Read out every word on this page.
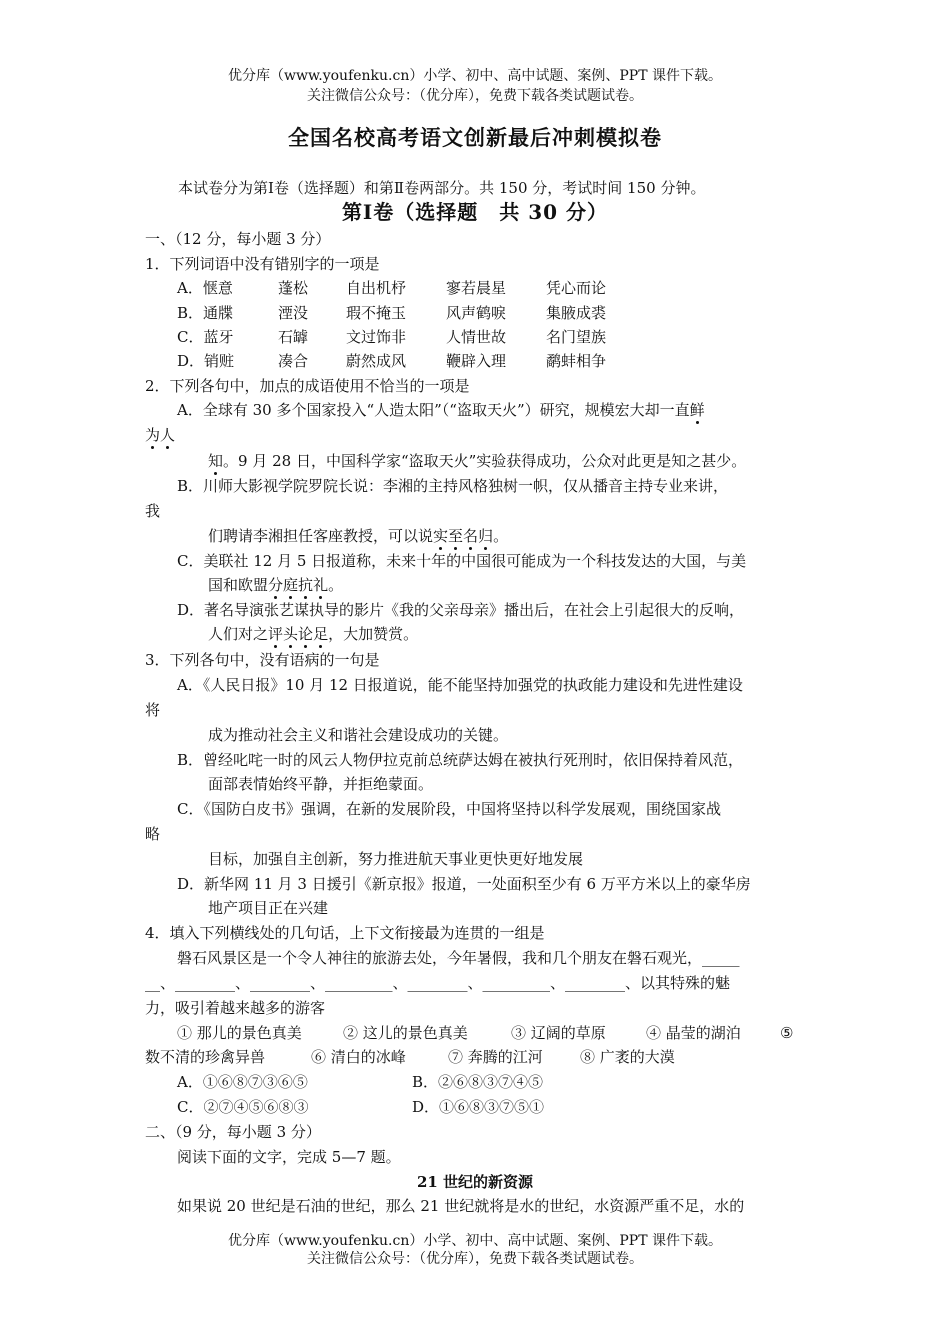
优分库（www.youfenku.cn）小学、初中、高中试题、案例、PPT 课件下载。
关注微信公众号：（优分库），免费下载各类试题试卷。
全国名校高考语文创新最后冲刺模拟卷
本试卷分为第Ⅰ卷（选择题）和第Ⅱ卷两部分。共 150 分，考试时间 150 分钟。
第Ⅰ卷（选择题　共 30 分）
一、（12 分，每小题 3 分）
1．下列词语中没有错别字的一项是
A．惬意	蓬松	自出机杼	寥若晨星	凭心而论
B．通牒	湮没	瑕不掩玉	风声鹤唳	集腋成裘
C．蓝牙	石罅	文过饰非	人情世故	名门望族
D．销赃	凑合	蔚然成风	鞭辟入理	鹬蚌相争
2．下列各句中，加点的成语使用不恰当的一项是
A．全球有 30 多个国家投入“人造太阳”（“盗取天火”）研究，规模宏大却一直鲜
为人
知。9 月 28 日，中国科学家“盗取天火”实验获得成功，公众对此更是知之甚少。
B．川师大影视学院罗院长说：李湘的主持风格独树一帜，仅从播音主持专业来讲，
我
们聘请李湘担任客座教授，可以说实至名归。
C．美联社 12 月 5 日报道称，未来十年的中国很可能成为一个科技发达的大国，与美
国和欧盟分庭抗礼。
D．著名导演张艺谋执导的影片《我的父亲母亲》播出后，在社会上引起很大的反响，
人们对之评头论足，大加赞赏。
3．下列各句中，没有语病的一句是
A．《人民日报》10 月 12 日报道说，能不能坚持加强党的执政能力建设和先进性建设
将
成为推动社会主义和谐社会建设成功的关键。
B．曾经叱咤一时的风云人物伊拉克前总统萨达姆在被执行死刑时，依旧保持着风范，
面部表情始终平静，并拒绝蒙面。
C．《国防白皮书》强调，在新的发展阶段，中国将坚持以科学发展观，围绕国家战
略
目标，加强自主创新，努力推进航天事业更快更好地发展
D．新华网 11 月 3 日援引《新京报》报道，一处面积至少有 6 万平方米以上的豪华房
地产项目正在兴建
4．填入下列横线处的几句话，上下文衔接最为连贯的一组是
磐石风景区是一个令人神往的旅游去处，今年暑假，我和几个朋友在磐石观光，_____
__、________、________、_________、________、_________、________、以其特殊的魅
力，吸引着越来越多的游客
① 那儿的景色真美	② 这儿的景色真美	③ 辽阔的草原	④ 晶莹的湖泊	⑤
数不清的珍禽异兽	⑥ 清白的冰峰	⑦ 奔腾的江河 ⑧ 广袤的大漠
A．①⑥⑧⑦③⑥⑤	B．②⑥⑧③⑦④⑤
C．②⑦④⑤⑥⑧③	D．①⑥⑧③⑦⑤①
二、（9 分，每小题 3 分）
阅读下面的文字，完成 5—7 题。
21 世纪的新资源
如果说 20 世纪是石油的世纪，那么 21 世纪就将是水的世纪，水资源严重不足，水的
优分库（www.youfenku.cn）小学、初中、高中试题、案例、PPT 课件下载。
关注微信公众号：（优分库），免费下载各类试题试卷。
